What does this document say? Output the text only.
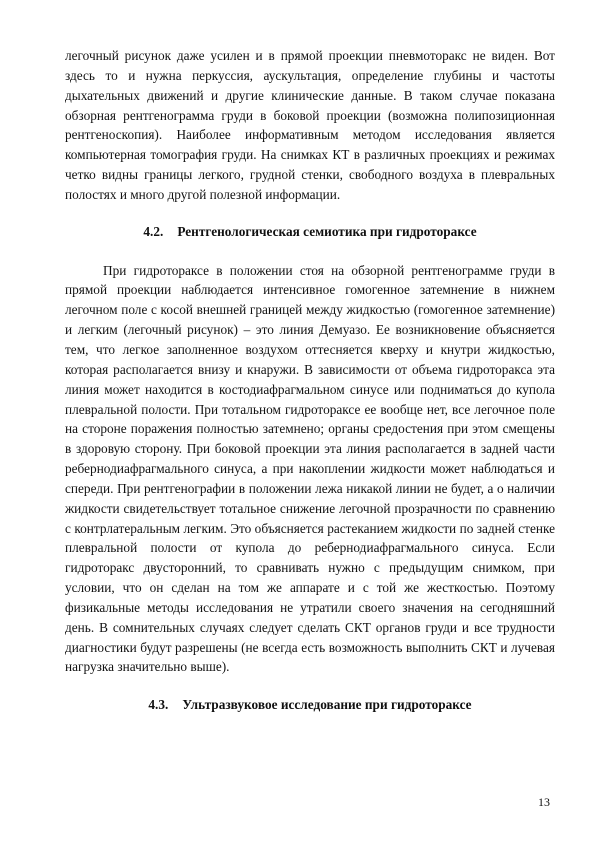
легочный рисунок даже усилен и в прямой проекции пневмоторакс не виден. Вот здесь то и нужна перкуссия, аускультация, определение глубины и частоты дыхательных движений и другие клинические данные. В таком случае показана обзорная рентгенограмма груди в боковой проекции (возможна полипозиционная рентгеноскопия). Наиболее информативным методом исследования является компьютерная томография груди. На снимках КТ в различных проекциях и режимах четко видны границы легкого, грудной стенки, свободного воздуха в плевральных полостях и много другой полезной информации.

4.2. Рентгенологическая семиотика при гидротораксе

При гидротораксе в положении стоя на обзорной рентгенограмме груди в прямой проекции наблюдается интенсивное гомогенное затемнение в нижнем легочном поле с косой внешней границей между жидкостью (гомогенное затемнение) и легким (легочный рисунок) – это линия Демуазо. Ее возникновение объясняется тем, что легкое заполненное воздухом оттесняется кверху и кнутри жидкостью, которая располагается внизу и кнаружи. В зависимости от объема гидроторакса эта линия может находится в костодиафрагмальном синусе или подниматься до купола плевральной полости. При тотальном гидротораксе ее вообще нет, все легочное поле на стороне поражения полностью затемнено; органы средостения при этом смещены в здоровую сторону. При боковой проекции эта линия располагается в задней части ребернодиафрагмального синуса, а при накоплении жидкости может наблюдаться и спереди. При рентгенографии в положении лежа никакой линии не будет, а о наличии жидкости свидетельствует тотальное снижение легочной прозрачности по сравнению с контрлатеральным легким. Это объясняется растеканием жидкости по задней стенке плевральной полости от купола до ребернодиафрагмального синуса. Если гидроторакс двусторонний, то сравнивать нужно с предыдущим снимком, при условии, что он сделан на том же аппарате и с той же жесткостью. Поэтому физикальные методы исследования не утратили своего значения на сегодняшний день. В сомнительных случаях следует сделать СКТ органов груди и все трудности диагностики будут разрешены (не всегда есть возможность выполнить СКТ и лучевая нагрузка значительно выше).

4.3. Ультразвуковое исследование при гидротораксе
13
